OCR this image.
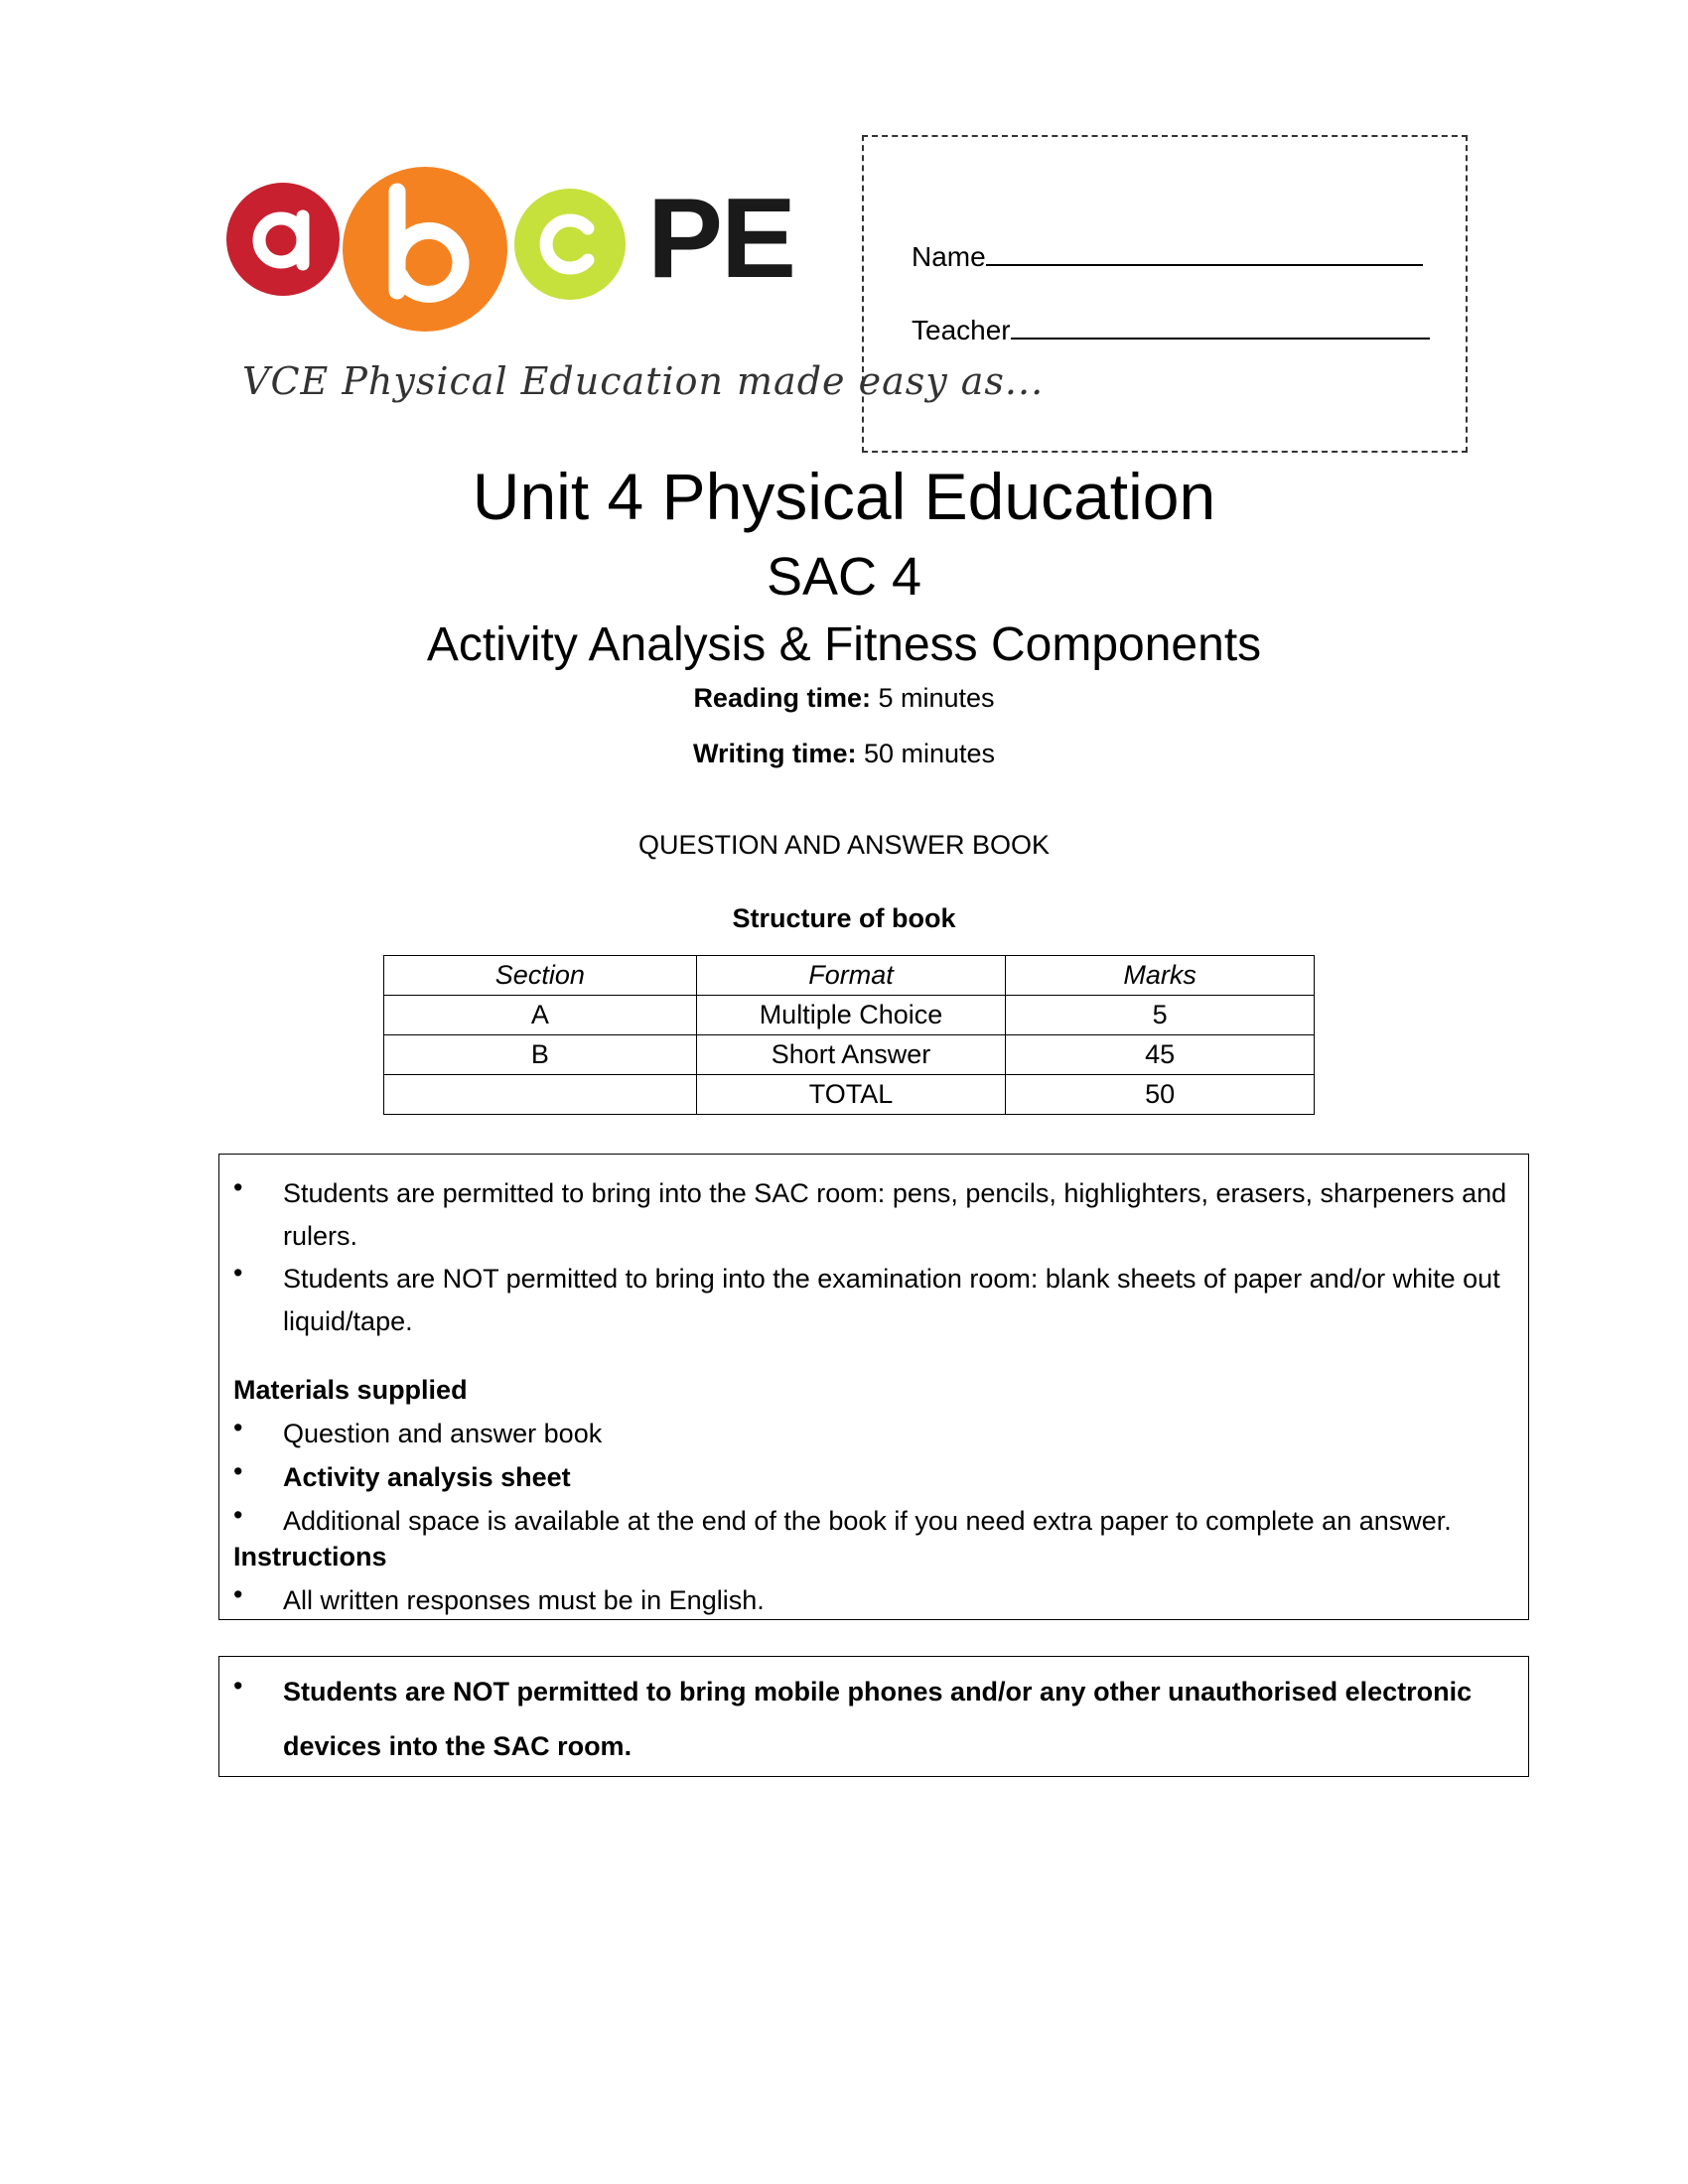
PE
VCE Physical Education made easy as...
Name
Teacher
Unit 4 Physical Education
SAC 4
Activity Analysis & Fitness Components
Reading time: 5 minutes
Writing time: 50 minutes
QUESTION AND ANSWER BOOK
Structure of book
Section	Format	Marks
A	Multiple Choice	5
B	Short Answer	45
	TOTAL	50
• Students are permitted to bring into the SAC room: pens, pencils, highlighters, erasers, sharpeners and rulers.
• Students are NOT permitted to bring into the examination room: blank sheets of paper and/or white out liquid/tape.
Materials supplied
• Question and answer book
• Activity analysis sheet
• Additional space is available at the end of the book if you need extra paper to complete an answer.
Instructions
• All written responses must be in English.
• Students are NOT permitted to bring mobile phones and/or any other unauthorised electronic devices into the SAC room.
